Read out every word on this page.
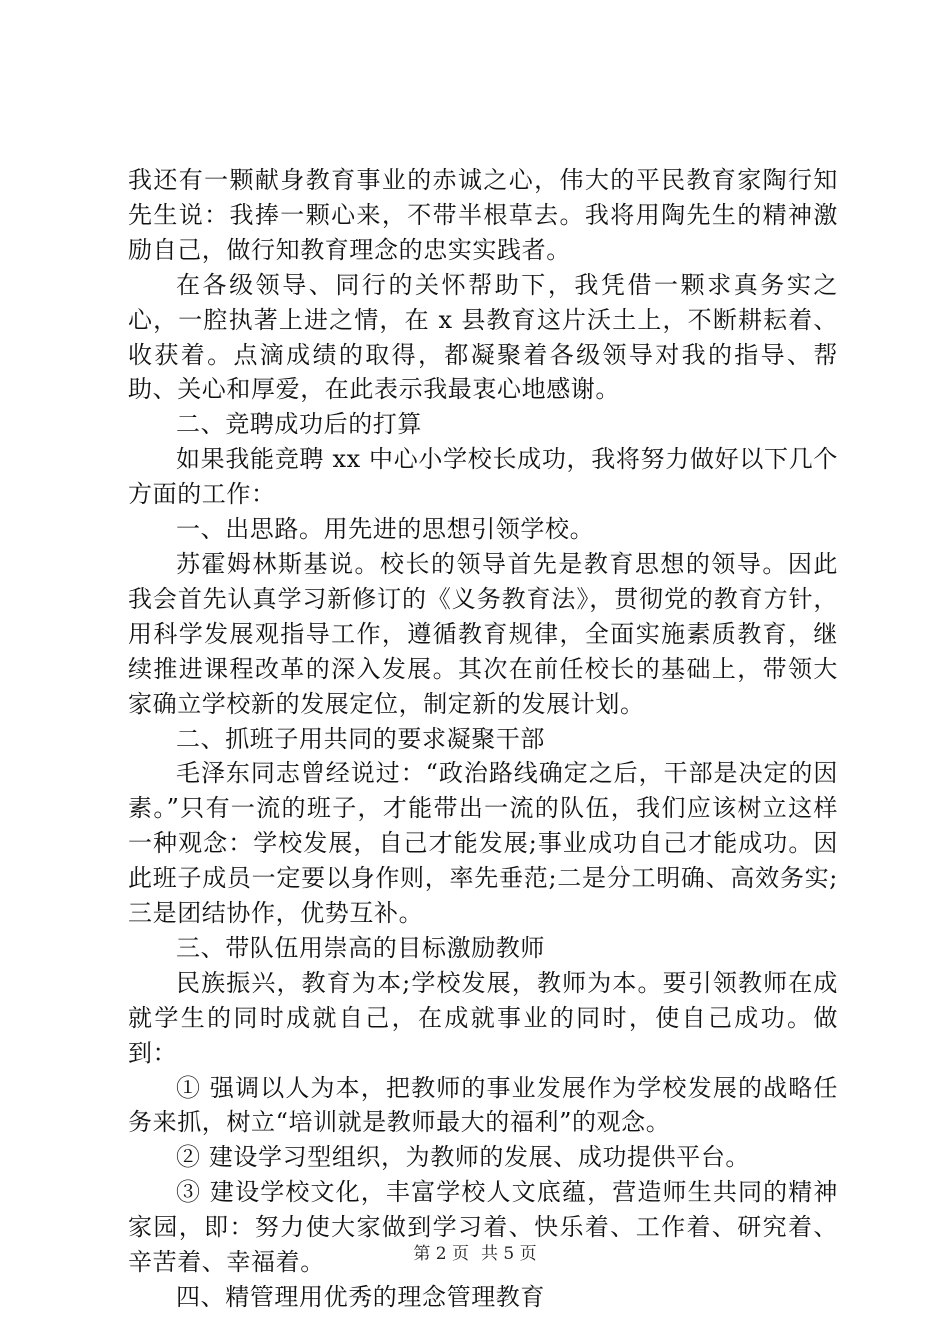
我还有一颗献身教育事业的赤诚之心，伟大的平民教育家陶行知先生说：我捧一颗心来，不带半根草去。我将用陶先生的精神激励自己，做行知教育理念的忠实实践者。

在各级领导、同行的关怀帮助下，我凭借一颗求真务实之心，一腔执著上进之情，在 x 县教育这片沃土上，不断耕耘着、收获着。点滴成绩的取得，都凝聚着各级领导对我的指导、帮助、关心和厚爱，在此表示我最衷心地感谢。

二、竞聘成功后的打算

如果我能竞聘 xx 中心小学校长成功，我将努力做好以下几个方面的工作：

一、出思路。用先进的思想引领学校。

苏霍姆林斯基说。校长的领导首先是教育思想的领导。因此我会首先认真学习新修订的《义务教育法》，贯彻党的教育方针，用科学发展观指导工作，遵循教育规律，全面实施素质教育，继续推进课程改革的深入发展。其次在前任校长的基础上，带领大家确立学校新的发展定位，制定新的发展计划。

二、抓班子用共同的要求凝聚干部

毛泽东同志曾经说过：“政治路线确定之后，干部是决定的因素。”只有一流的班子，才能带出一流的队伍，我们应该树立这样一种观念：学校发展，自己才能发展;事业成功自己才能成功。因此班子成员一定要以身作则，率先垂范;二是分工明确、高效务实;三是团结协作，优势互补。

三、带队伍用崇高的目标激励教师

民族振兴，教育为本;学校发展，教师为本。要引领教师在成就学生的同时成就自己，在成就事业的同时，使自己成功。做到：

① 强调以人为本，把教师的事业发展作为学校发展的战略任务来抓，树立“培训就是教师最大的福利”的观念。

② 建设学习型组织，为教师的发展、成功提供平台。

③ 建设学校文化，丰富学校人文底蕴，营造师生共同的精神家园，即：努力使大家做到学习着、快乐着、工作着、研究着、辛苦着、幸福着。

四、精管理用优秀的理念管理教育

第 2 页 共 5 页
